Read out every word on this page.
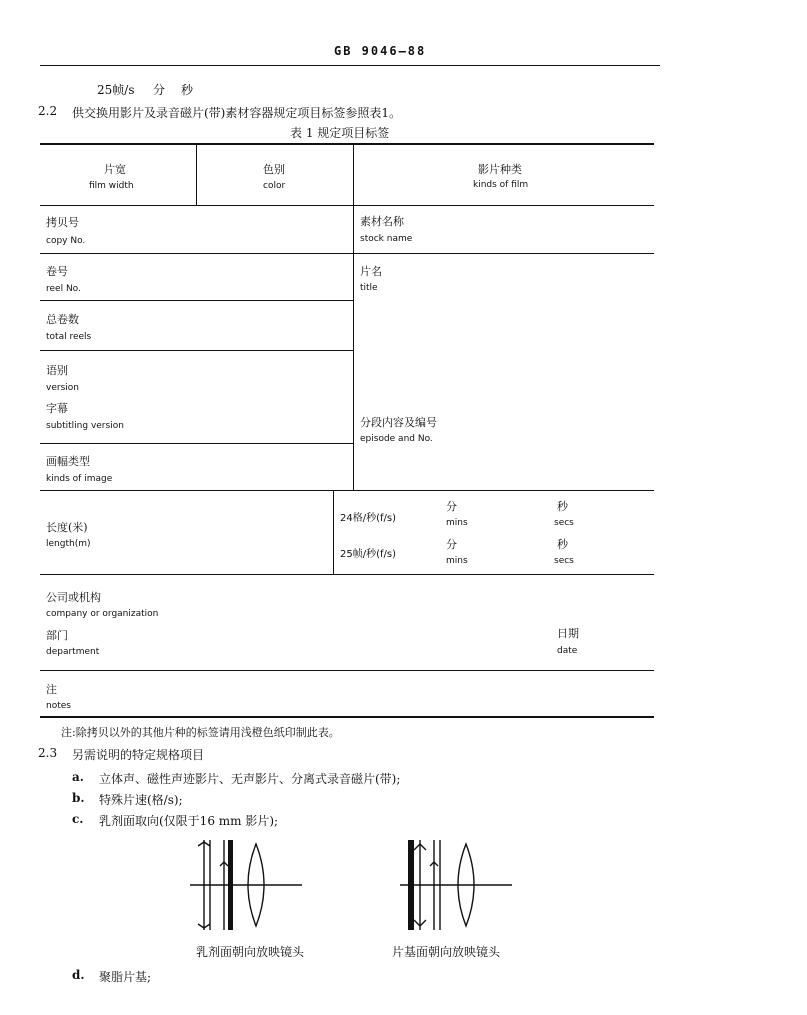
GB 9046—88
25帧/s 分 秒
2.2 供交换用影片及录音磁片(带)素材容器规定项目标签参照表1。
表 1 规定项目标签
片宽
film width
色别
color
影片种类
kinds of film
拷贝号
copy No.
素材名称
stock name
卷号
reel No.
片名
title
总卷数
total reels
语别
version
字幕
subtitling version	分段内容及编号
episode and No.
画幅类型
kinds of image
长度(米)
length(m)
24格/秒(f/s)
25帧/秒(f/s)
分
mins
秒
secs
分
mins
秒
secs
公司或机构
company or organization
部门
department
日期
date
注
notes
注:除拷贝以外的其他片种的标签请用浅橙色纸印制此表。
2.3 另需说明的特定规格项目
a. 立体声、磁性声迹影片、无声影片、分离式录音磁片(带);
b. 特殊片速(格/s);
c. 乳剂面取向(仅限于16 mm 影片);
乳剂面朝向放映镜头	片基面朝向放映镜头
d. 聚脂片基;
